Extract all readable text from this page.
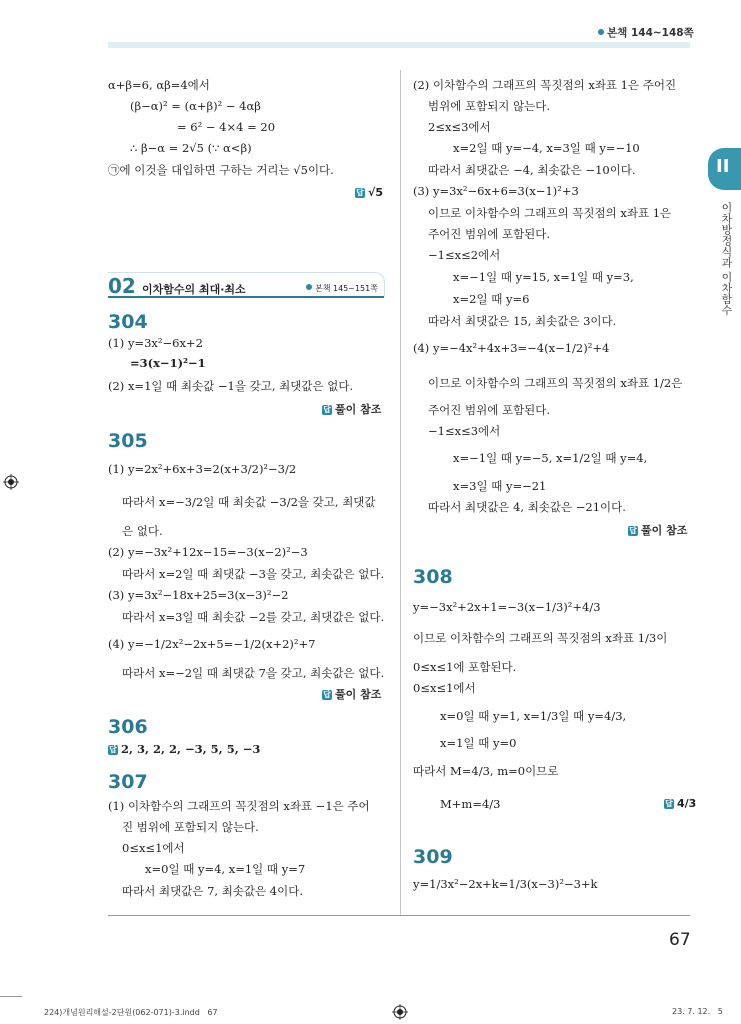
본책 144~148쪽
II
이차방정식과 이차함수
α+β=6, αβ=4에서
(β−α)² = (α+β)² − 4αβ
= 6² − 4×4 = 20
∴ β−α = 2√5 (∵ α<β)
㉠에 이것을 대입하면 구하는 거리는 √5이다.
답 √5
02 이차함수의 최대·최소	본책 145~151쪽
304
(1) y=3x²−6x+2
=3(x−1)²−1
(2) x=1일 때 최솟값 −1을 갖고, 최댓값은 없다.
답 풀이 참조
305
(1) y=2x²+6x+3=2(x+3/2)²−3/2
따라서 x=−3/2일 때 최솟값 −3/2을 갖고, 최댓값
은 없다.
(2) y=−3x²+12x−15=−3(x−2)²−3
따라서 x=2일 때 최댓값 −3을 갖고, 최솟값은 없다.
(3) y=3x²−18x+25=3(x−3)²−2
따라서 x=3일 때 최솟값 −2를 갖고, 최댓값은 없다.
(4) y=−1/2x²−2x+5=−1/2(x+2)²+7
따라서 x=−2일 때 최댓값 7을 갖고, 최솟값은 없다.
답 풀이 참조
306
답 2, 3, 2, 2, −3, 5, 5, −3
307
(1) 이차함수의 그래프의 꼭짓점의 x좌표 −1은 주어
진 범위에 포함되지 않는다.
0≤x≤1에서
x=0일 때 y=4, x=1일 때 y=7
따라서 최댓값은 7, 최솟값은 4이다.
(2) 이차함수의 그래프의 꼭짓점의 x좌표 1은 주어진
범위에 포함되지 않는다.
2≤x≤3에서
x=2일 때 y=−4, x=3일 때 y=−10
따라서 최댓값은 −4, 최솟값은 −10이다.
(3) y=3x²−6x+6=3(x−1)²+3
이므로 이차함수의 그래프의 꼭짓점의 x좌표 1은
주어진 범위에 포함된다.
−1≤x≤2에서
x=−1일 때 y=15, x=1일 때 y=3,
x=2일 때 y=6
따라서 최댓값은 15, 최솟값은 3이다.
(4) y=−4x²+4x+3=−4(x−1/2)²+4
이므로 이차함수의 그래프의 꼭짓점의 x좌표 1/2은
주어진 범위에 포함된다.
−1≤x≤3에서
x=−1일 때 y=−5, x=1/2일 때 y=4,
x=3일 때 y=−21
따라서 최댓값은 4, 최솟값은 −21이다.
답 풀이 참조
308
y=−3x²+2x+1=−3(x−1/3)²+4/3
이므로 이차함수의 그래프의 꼭짓점의 x좌표 1/3이
0≤x≤1에 포함된다.
0≤x≤1에서
x=0일 때 y=1, x=1/3일 때 y=4/3,
x=1일 때 y=0
따라서 M=4/3, m=0이므로
M+m=4/3	답 4/3
309
y=1/3x²−2x+k=1/3(x−3)²−3+k
67
224)개념원리해설-2단원(062-071)-3.indd   67	23. 7. 12.   5
